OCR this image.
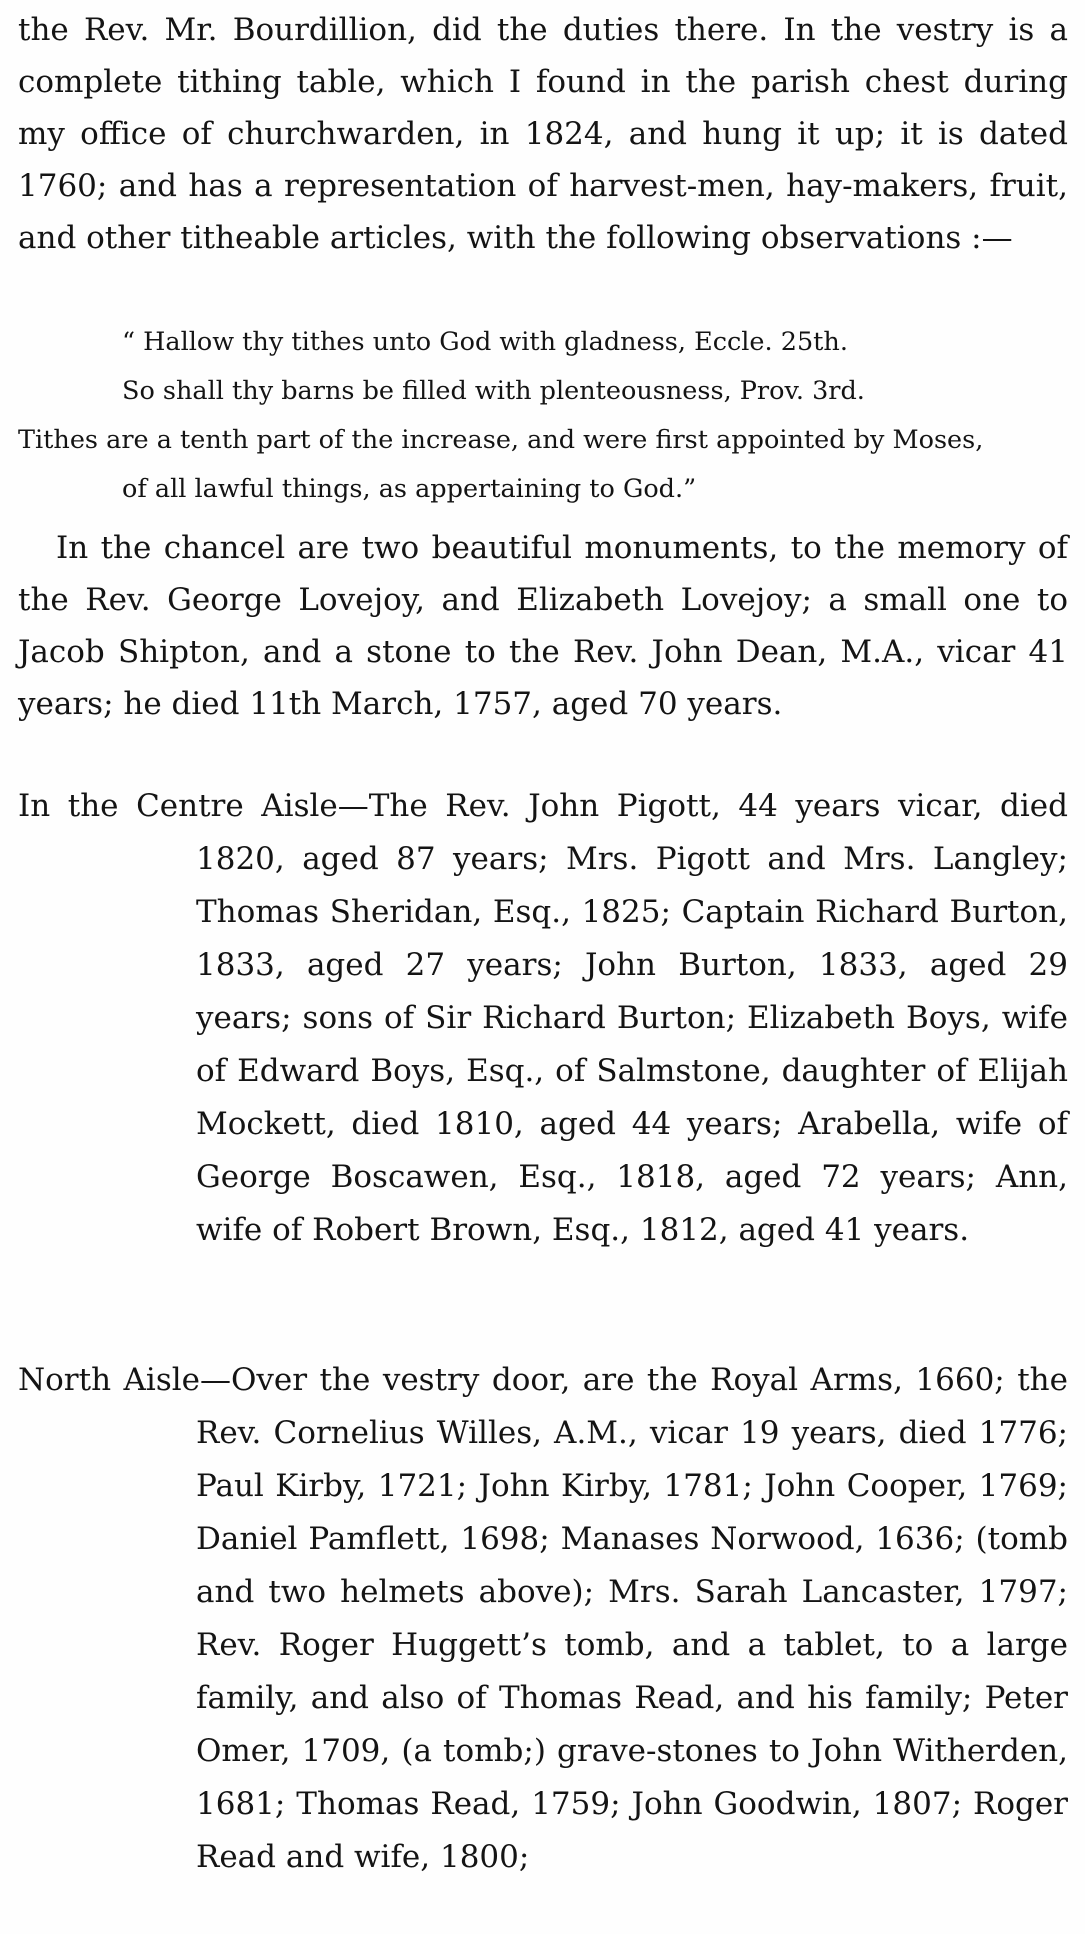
the Rev. Mr. Bourdillion, did the duties there. In the vestry is a complete tithing table, which I found in the parish chest during my office of churchwarden, in 1824, and hung it up; it is dated 1760; and has a representation of harvest-men, hay-makers, fruit, and other titheable articles, with the following observations :—

“ Hallow thy tithes unto God with gladness, Eccle. 25th.
So shall thy barns be filled with plenteousness, Prov. 3rd.
Tithes are a tenth part of the increase, and were first appointed by Moses,
of all lawful things, as appertaining to God.”

In the chancel are two beautiful monuments, to the memory of the Rev. George Lovejoy, and Elizabeth Lovejoy; a small one to Jacob Shipton, and a stone to the Rev. John Dean, M.A., vicar 41 years; he died 11th March, 1757, aged 70 years.

In the Centre Aisle—The Rev. John Pigott, 44 years vicar, died 1820, aged 87 years; Mrs. Pigott and Mrs. Langley; Thomas Sheridan, Esq., 1825; Captain Richard Burton, 1833, aged 27 years; John Burton, 1833, aged 29 years; sons of Sir Richard Burton; Elizabeth Boys, wife of Edward Boys, Esq., of Salmstone, daughter of Elijah Mockett, died 1810, aged 44 years; Arabella, wife of George Boscawen, Esq., 1818, aged 72 years; Ann, wife of Robert Brown, Esq., 1812, aged 41 years.

North Aisle—Over the vestry door, are the Royal Arms, 1660; the Rev. Cornelius Willes, A.M., vicar 19 years, died 1776; Paul Kirby, 1721; John Kirby, 1781; John Cooper, 1769; Daniel Pamflett, 1698; Manases Norwood, 1636; (tomb and two helmets above); Mrs. Sarah Lancaster, 1797; Rev. Roger Huggett’s tomb, and a tablet, to a large family, and also of Thomas Read, and his family; Peter Omer, 1709, (a tomb;) grave-stones to John Witherden, 1681; Thomas Read, 1759; John Goodwin, 1807; Roger Read and wife, 1800;
